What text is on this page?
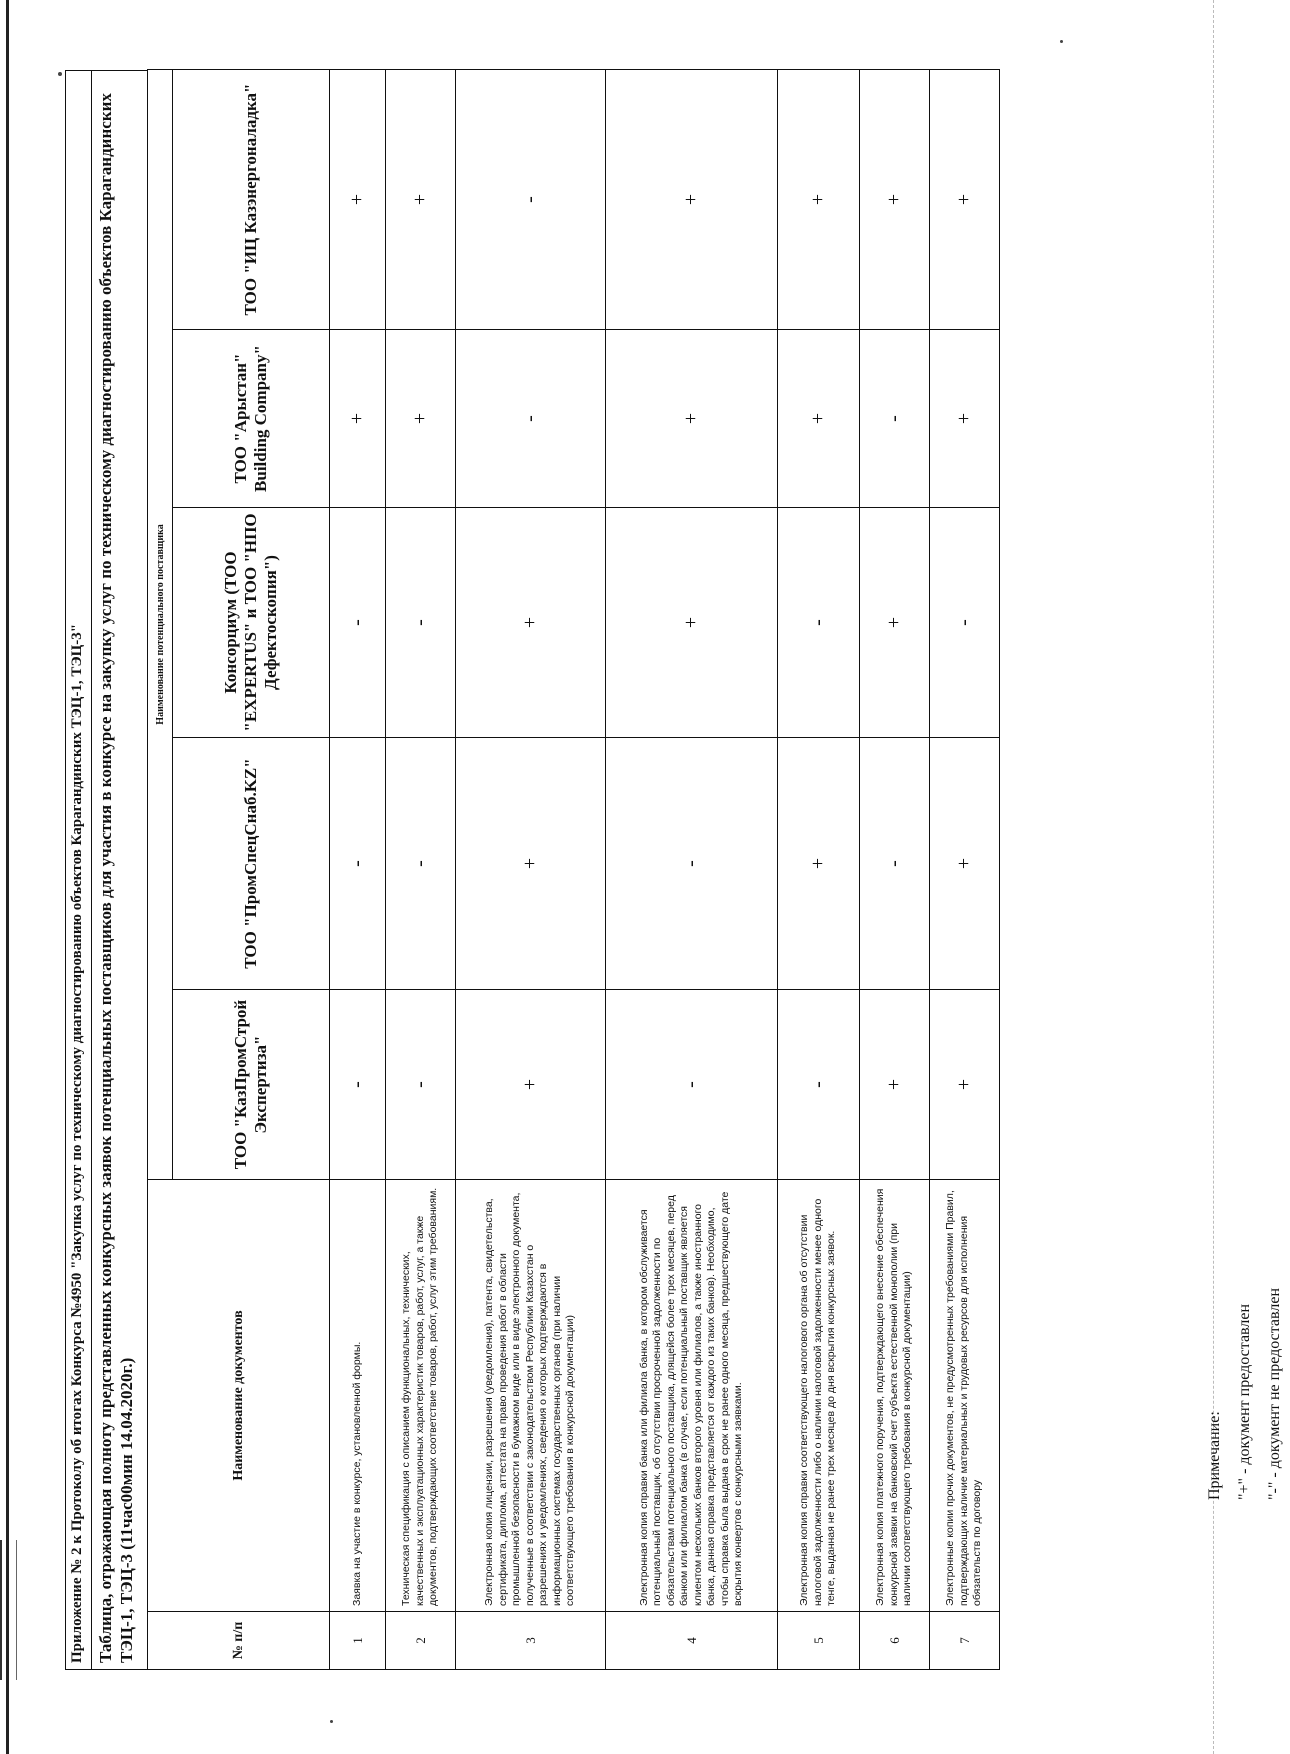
Приложение № 2 к Протоколу об итогах Конкурса №4950 "Закупка услуг по техническому диагностированию объектов Карагандинских ТЭЦ-1, ТЭЦ-3" Таблица, отражающая полноту представленных конкурсных заявок потенциальных поставщиков для участия в конкурсе на закупку услуг по техническому диагностированию объектов Карагандинских ТЭЦ-1, ТЭЦ-3 (11час00мин 14.04.2020г.)	№ п/п	Наименование документов	Наименование потенциального поставщика				
		ТОО "КазПромСтрой Экспертиза"	ТОО "ПромСпецСнаб.KZ"	Консорциум (ТОО "EXPERTUS" и ТОО "НПО Дефектоскопия")	ТОО "Арыстан" Building Company"	ТОО "ИЦ Казэнергоналадка"
1	Заявка на участие в конкурсе, установленной формы.	-	-	-	+	+
2	Техническая спецификация с описанием функциональных, технических, качественных и эксплуатационных характеристик товаров, работ, услуг, а также документов, подтверждающих соответствие товаров, работ, услуг этим требованиям.	-	-	-	+	+
3	Электронная копия лицензии, разрешения (уведомления), патента, свидетельства, сертификата, диплома, аттестата на право проведения работ в области промышленной безопасности в бумажном виде или в виде электронного документа, полученные в соответствии с законодательством Республики Казахстан о разрешениях и уведомлениях, сведения о которых подтверждаются в информационных системах государственных органов (при наличии соответствующего требования в конкурсной документации)	+	+	+	-	-
4	Электронная копия справки банка или филиала банка, в котором обслуживается потенциальный поставщик, об отсутствии просроченной задолженности по обязательствам потенциального поставщика, длящейся более трех месяцев, перед банком или филиалом банка (в случае, если потенциальный поставщик является клиентом нескольких банков второго уровня или филиалов, а также иностранного банка, данная справка представляется от каждого из таких банков). Необходимо, чтобы справка была выдана в срок не ранее одного месяца, предшествующего дате вскрытия конвертов с конкурсными заявками.	-	-	+	+	+
5	Электронная копия справки соответствующего налогового органа об отсутствии налоговой задолженности либо о наличии налоговой задолженности менее одного тенге, выданная не ранее трех месяцев до дня вскрытия конкурсных заявок.	-	+	-	+	+
6	Электронная копия платежного поручения, подтверждающего внесение обеспечения конкурсной заявки на банковский счет субъекта естественной монополии (при наличии соответствующего требования в конкурсной документации)	+	-	+	-	+
7	Электронные копии прочих документов, не предусмотренных требованиями Правил, подтверждающих наличие материальных и трудовых ресурсов для исполнения обязательств по договору	+	+	-	+	+
Примечание: "+" - документ предоставлен "-" - документ не предоставлен
